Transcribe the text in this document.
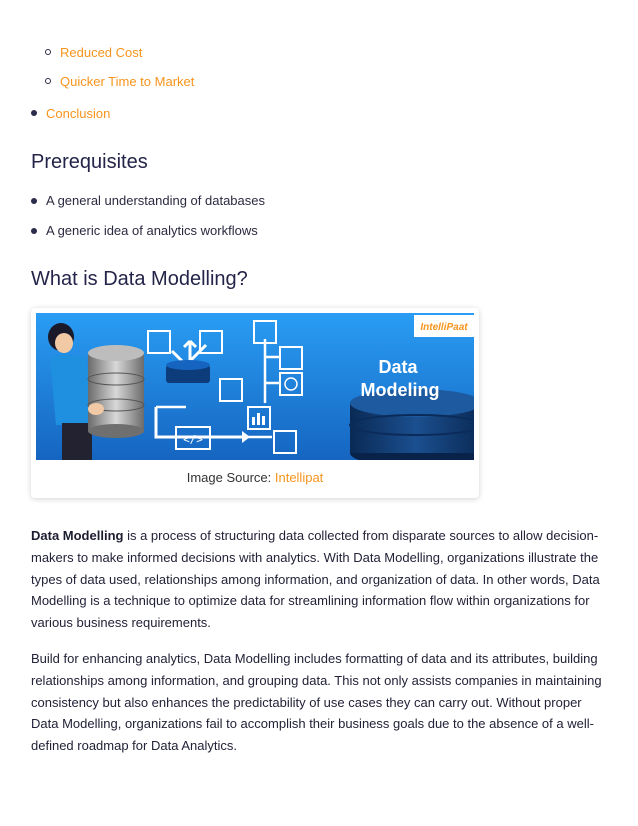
Reduced Cost
Quicker Time to Market
Conclusion
Prerequisites
A general understanding of databases
A generic idea of analytics workflows
What is Data Modelling?
</>
Data
Modeling
IntelliPaat
Image Source: Intellipat

Data Modelling is a process of structuring data collected from disparate sources to allow decision-makers to make informed decisions with analytics. With Data Modelling, organizations illustrate the types of data used, relationships among information, and organization of data. In other words, Data Modelling is a technique to optimize data for streamlining information flow within organizations for various business requirements.

Build for enhancing analytics, Data Modelling includes formatting of data and its attributes, building relationships among information, and grouping data. This not only assists companies in maintaining consistency but also enhances the predictability of use cases they can carry out. Without proper Data Modelling, organizations fail to accomplish their business goals due to the absence of a well-defined roadmap for Data Analytics.
